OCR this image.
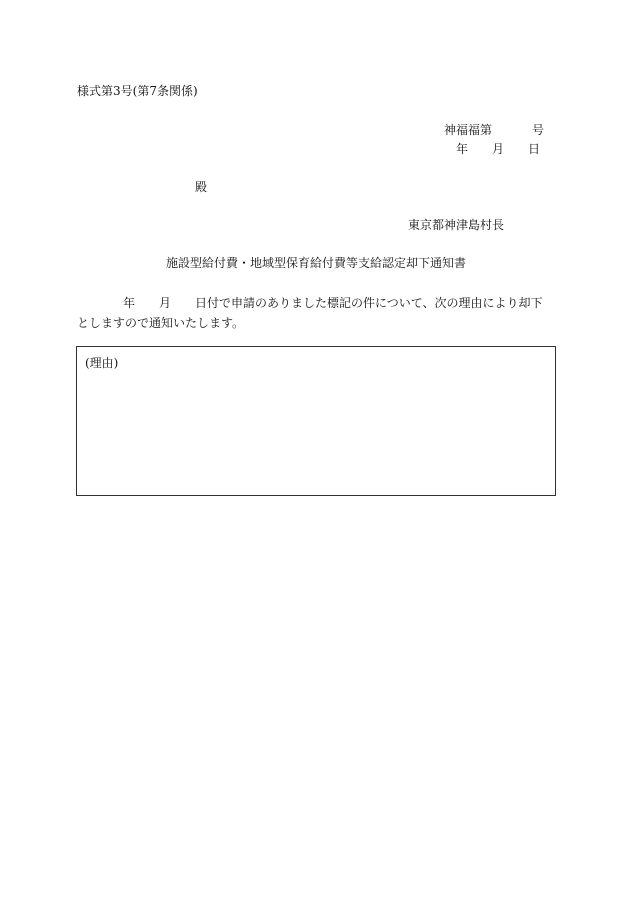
様式第3号(第7条関係)
神福福第	号
年 月 日
殿
東京都神津島村長
施設型給付費・地域型保育給付費等支給認定却下通知書
年 月 日付で申請のありました標記の件について、次の理由により却下としますので通知いたします。
(理由)
